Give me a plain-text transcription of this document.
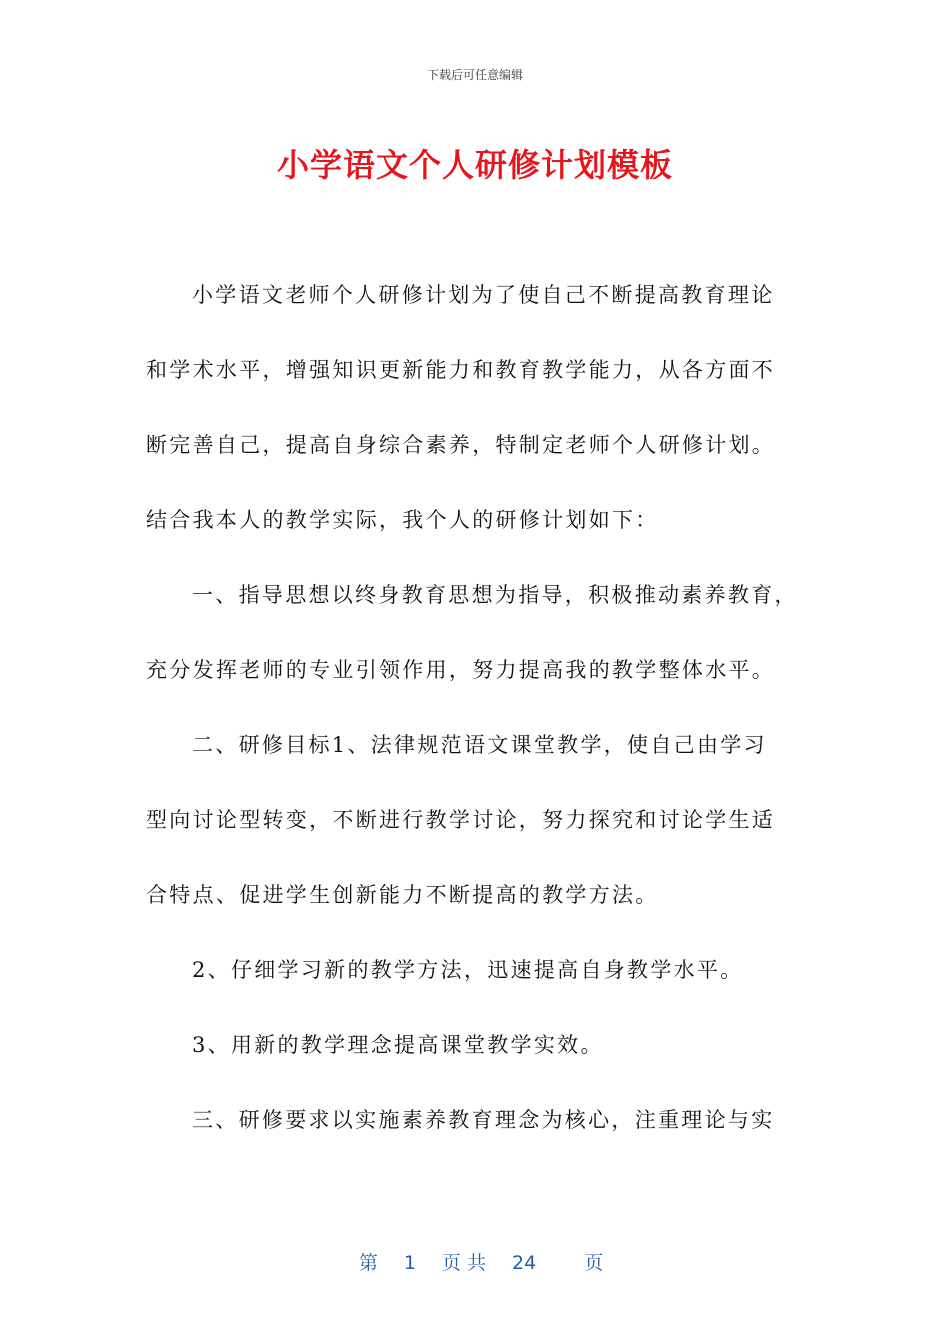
下载后可任意编辑
小学语文个人研修计划模板
小学语文老师个人研修计划为了使自己不断提高教育理论
和学术水平，增强知识更新能力和教育教学能力，从各方面不
断完善自己，提高自身综合素养，特制定老师个人研修计划。
结合我本人的教学实际，我个人的研修计划如下：
一、指导思想以终身教育思想为指导，积极推动素养教育，
充分发挥老师的专业引领作用，努力提高我的教学整体水平。
二、研修目标1、法律规范语文课堂教学，使自己由学习
型向讨论型转变，不断进行教学讨论，努力探究和讨论学生适
合特点、促进学生创新能力不断提高的教学方法。
2、仔细学习新的教学方法，迅速提高自身教学水平。
3、用新的教学理念提高课堂教学实效。
三、研修要求以实施素养教育理念为核心，注重理论与实

第 1 页 共 24	页
